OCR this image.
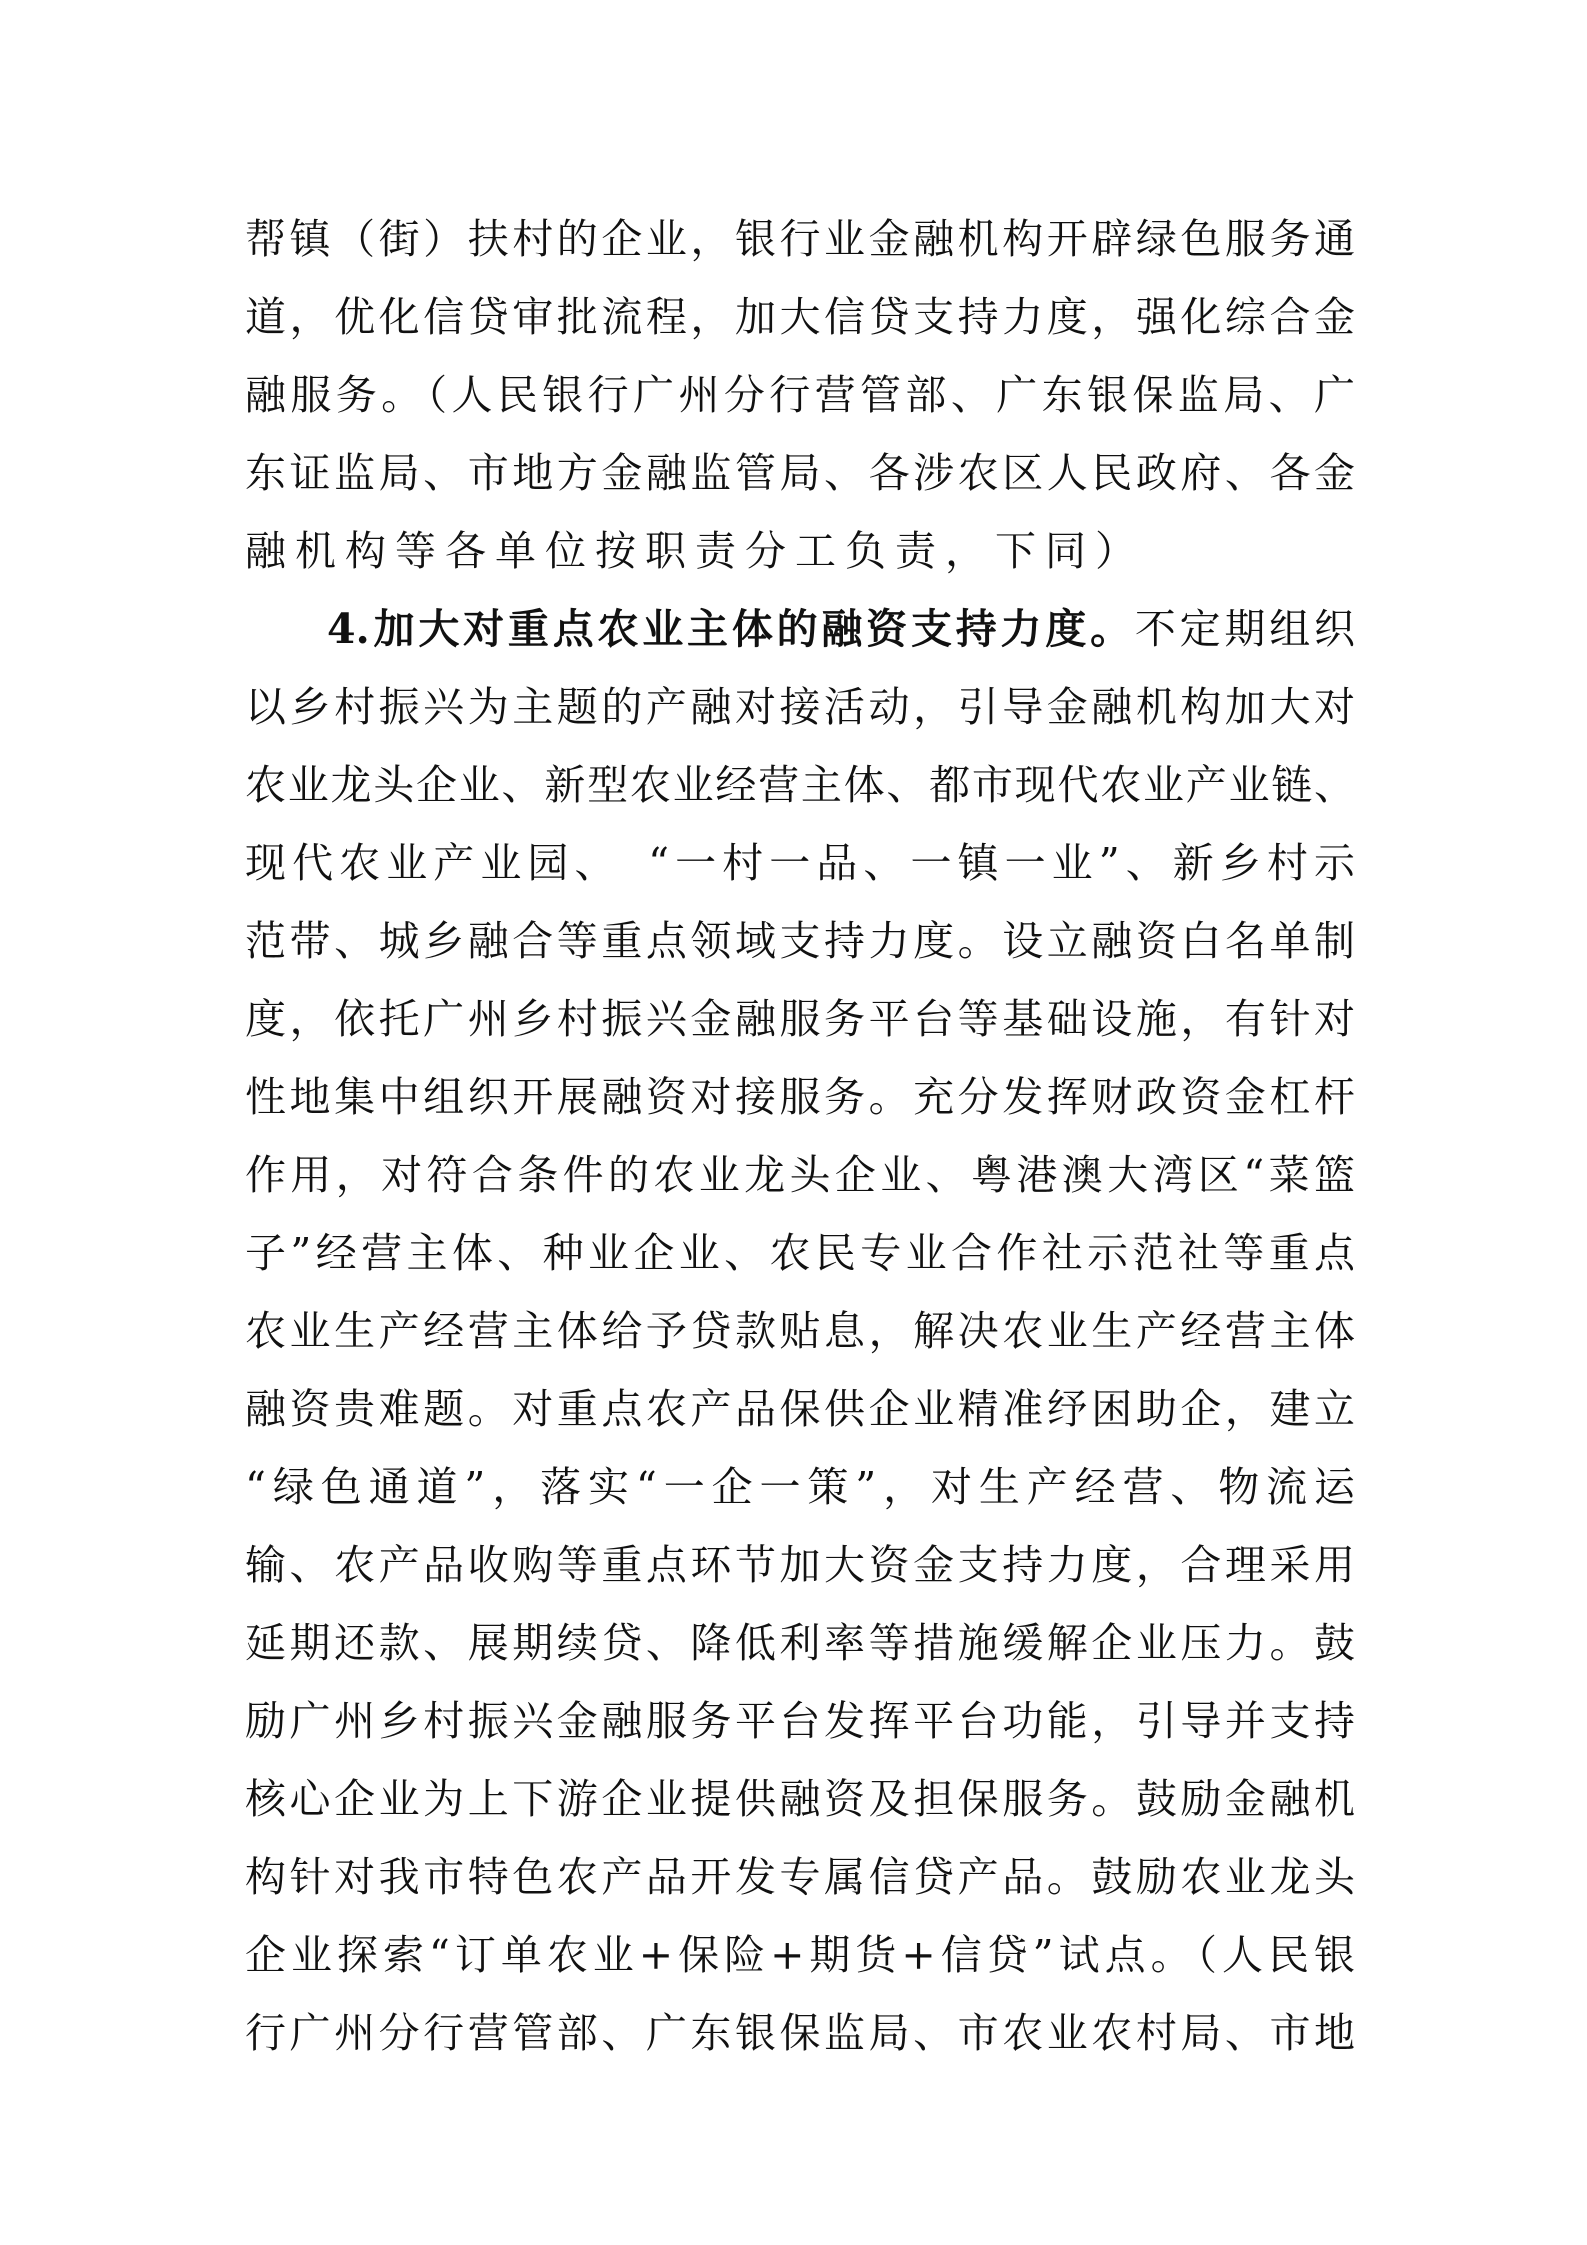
帮镇（街）扶村的企业，银行业金融机构开辟绿色服务通
道，优化信贷审批流程，加大信贷支持力度，强化综合金
融服务。（人民银行广州分行营管部、广东银保监局、广
东证监局、市地方金融监管局、各涉农区人民政府、各金
融机构等各单位按职责分工负责，下同）
4.加大对重点农业主体的融资支持力度。不定期组织
以乡村振兴为主题的产融对接活动，引导金融机构加大对
农业龙头企业、新型农业经营主体、都市现代农业产业链、
现代农业产业园、　“一村一品、一镇一业”、新乡村示
范带、城乡融合等重点领域支持力度。设立融资白名单制
度，依托广州乡村振兴金融服务平台等基础设施，有针对
性地集中组织开展融资对接服务。充分发挥财政资金杠杆
作用，对符合条件的农业龙头企业、粤港澳大湾区“菜篮
子”经营主体、种业企业、农民专业合作社示范社等重点
农业生产经营主体给予贷款贴息，解决农业生产经营主体
融资贵难题。对重点农产品保供企业精准纾困助企，建立
“绿色通道”，落实“一企一策”，对生产经营、物流运
输、农产品收购等重点环节加大资金支持力度，合理采用
延期还款、展期续贷、降低利率等措施缓解企业压力。鼓
励广州乡村振兴金融服务平台发挥平台功能，引导并支持
核心企业为上下游企业提供融资及担保服务。鼓励金融机
构针对我市特色农产品开发专属信贷产品。鼓励农业龙头
企业探索“订单农业+保险+期货+信贷”试点。（人民银
行广州分行营管部、广东银保监局、市农业农村局、市地
